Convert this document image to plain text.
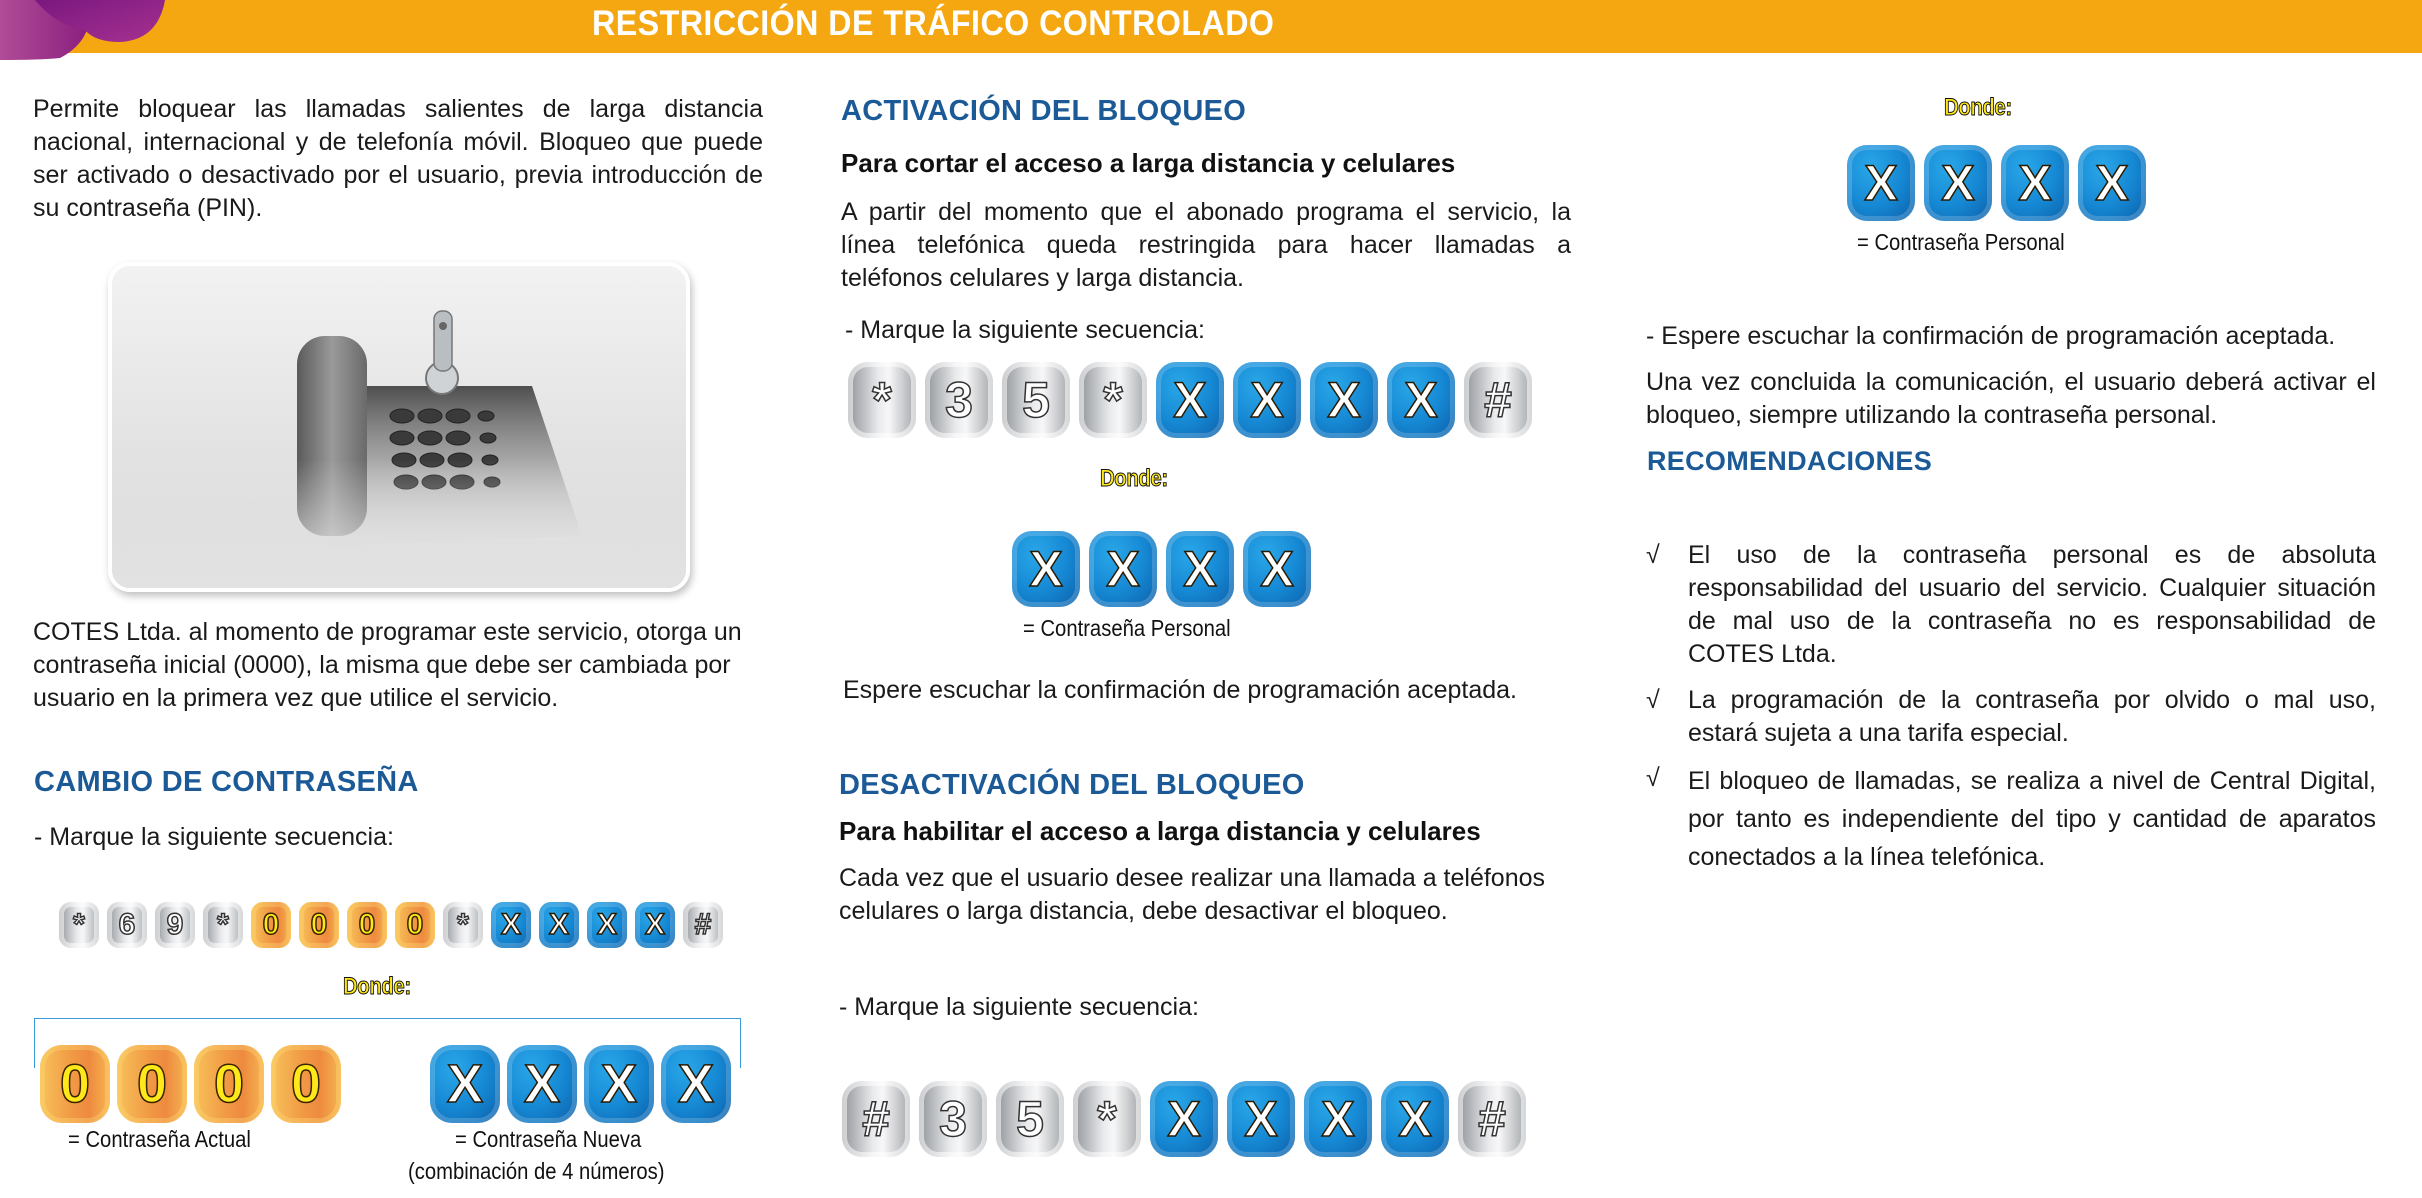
RESTRICCIÓN DE TRÁFICO CONTROLADO

Permite bloquear las llamadas salientes de larga distancia nacional, internacional y de telefonía móvil. Bloqueo que puede ser activado o desactivado por el usuario, previa introducción de su contraseña (PIN).

COTES Ltda. al momento de programar este servicio, otorga un contraseña inicial (0000), la misma que debe ser cambiada por usuario en la primera vez que utilice el servicio.

CAMBIO DE CONTRASEÑA
- Marque la siguiente secuencia:
*	6	9	*	0	0	0	0	*	X X X X #
Donde:
0 0 0 0
= Contraseña Actual
X X X X
= Contraseña Nueva
(combinación de 4 números)
ACTIVACIÓN DEL BLOQUEO
Para cortar el acceso a larga distancia y celulares

A partir del momento que el abonado programa el servicio, la línea telefónica queda restringida para hacer llamadas a teléfonos celulares y larga distancia.

- Marque la siguiente secuencia:
*	3 5	*	X X X X #
Donde:
X X X X
= Contraseña Personal
Espere escuchar la confirmación de programación aceptada.
DESACTIVACIÓN DEL BLOQUEO
Para habilitar el acceso a larga distancia y celulares

Cada vez que el usuario desee realizar una llamada a teléfonos celulares o larga distancia, debe desactivar el bloqueo.

- Marque la siguiente secuencia:
# 3 5	*	X X X X #
Donde:
X X X X
= Contraseña Personal
- Espere escuchar la confirmación de programación aceptada.

Una vez concluida la comunicación, el usuario deberá activar el bloqueo, siempre utilizando la contraseña personal.

RECOMENDACIONES
√	El uso de la contraseña personal es de absoluta responsabilidad del usuario del servicio. Cualquier situación de mal uso de la contraseña no es responsabilidad de COTES Ltda.
√	La programación de la contraseña por olvido o mal uso, estará sujeta a una tarifa especial.
√	El bloqueo de llamadas, se realiza a nivel de Central Digital, por tanto es independiente del tipo y cantidad de aparatos conectados a la línea telefónica.
